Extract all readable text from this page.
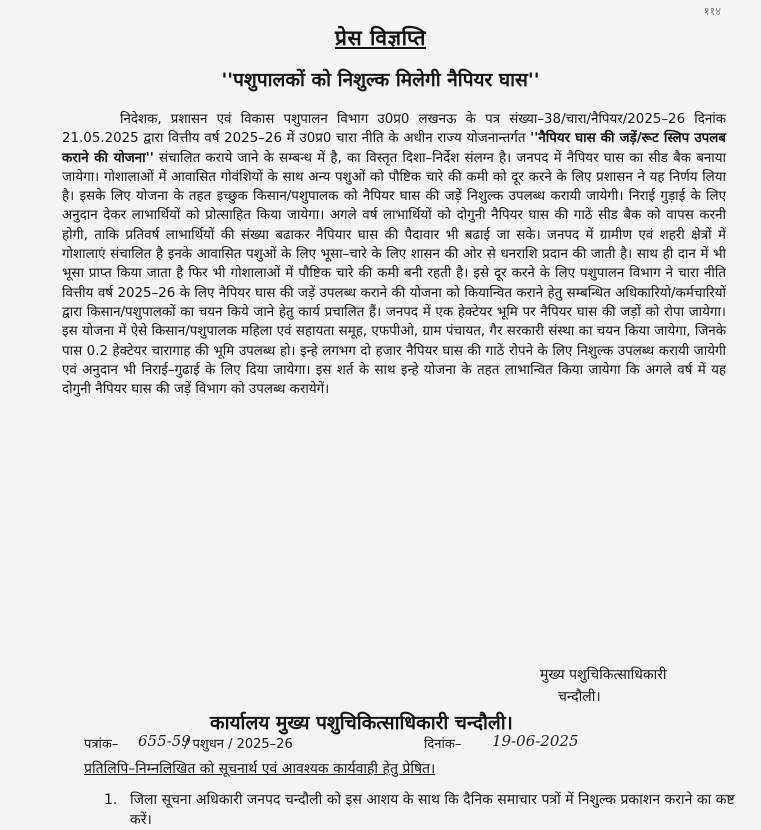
११४
प्रेस विज्ञप्ति
''पशुपालकों को निशुल्क मिलेगी नैपियर घास''

निदेशक, प्रशासन एवं विकास पशुपालन विभाग उ0प्र0 लखनऊ के पत्र संख्या–38/चारा/नैपियर/2025–26 दिनांक 21.05.2025 द्वारा वित्तीय वर्ष 2025–26 में उ0प्र0 चारा नीति के अधीन राज्य योजनान्तर्गत ''नैपियर घास की जड़ें/रूट स्लिप उपलब कराने की योजना'' संचालित कराये जाने के सम्बन्ध में है, का विस्तृत दिशा–निर्देश संलग्न है। जनपद में नैपियर घास का सीड बैक बनाया जायेगा। गोशालाओं में आवासित गोवंशियों के साथ अन्य पशुओं को पौष्टिक चारे की कमी को दूर करने के लिए प्रशासन ने यह निर्णय लिया है। इसके लिए योजना के तहत इच्छुक किसान/पशुपालक को नैपियर घास की जड़ें निशुल्क उपलब्ध करायी जायेगी। निराई गुड़ाई के लिए अनुदान देकर लाभार्थियों को प्रोत्साहित किया जायेगा। अगले वर्ष लाभार्थियों को दोगुनी नैपियर घास की गाठें सीड बैक को वापस करनी होगी, ताकि प्रतिवर्ष लाभार्थियों की संख्या बढाकर नैपियार घास की पैदावार भी बढाई जा सके। जनपद में ग्रामीण एवं शहरी क्षेत्रों में गोशालाएं संचालित है इनके आवासित पशुओं के लिए भूसा–चारे के लिए शासन की ओर से धनराशि प्रदान की जाती है। साथ ही दान में भी भूसा प्राप्त किया जाता है फिर भी गोशालाओं में पौष्टिक चारे की कमी बनी रहती है। इसे दूर करने के लिए पशुपालन विभाग ने चारा नीति वित्तीय वर्ष 2025–26 के लिए नैपियर घास की जड़ें उपलब्ध कराने की योजना को कियान्वित कराने हेतु सम्बन्धित अधिकारियो/कर्मचारियों द्वारा किसान/पशुपालकों का चयन किये जाने हेतु कार्य प्रचालित हैं। जनपद में एक हेक्टेयर भूमि पर नैपियर घास की जड़ों को रोपा जायेगा। इस योजना में ऐसे किसान/पशुपालक महिला एवं सहायता समूह, एफपीओ, ग्राम पंचायत, गैर सरकारी संस्था का चयन किया जायेगा, जिनके पास 0.2 हेक्टेयर चारागाह की भूमि उपलब्ध हो। इन्हे लगभग दो हजार नैपियर घास की गाठें रोपने के लिए निशुल्क उपलब्ध करायी जायेगी एवं अनुदान भी निराई–गुढाई के लिए दिया जायेगा। इस शर्त के साथ इन्हे योजना के तहत लाभान्वित किया जायेगा कि अगले वर्ष में यह दोगुनी नैपियर घास की जड़ें विभाग को उपलब्ध करायेगें।

मुख्य पशुचिकित्साधिकारी
चन्दौली।
कार्यालय मुख्य पशुचिकित्साधिकारी चन्दौली।
पत्रांक– 655-59
/ पशुधन / 2025–26	दिनांक– 19-06-2025
प्रतिलिपि–निम्नलिखित को सूचनार्थ एवं आवश्यक कार्यवाही हेतु प्रेषित।

1. जिला सूचना अधिकारी जनपद चन्दौली को इस आशय के साथ कि दैनिक समाचार पत्रों में निशुल्क प्रकाशन कराने का कष्ट करें।
